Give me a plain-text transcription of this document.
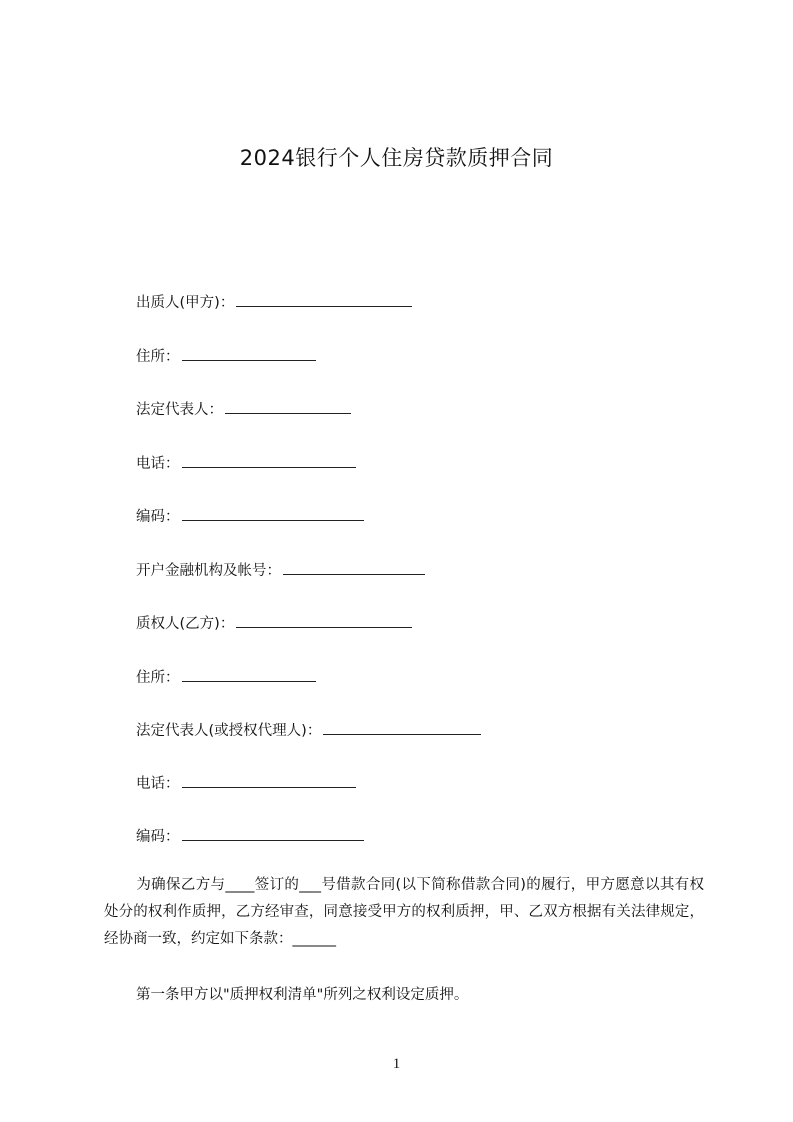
2024银行个人住房贷款质押合同
出质人(甲方)：
住所：
法定代表人：
电话：
编码：
开户金融机构及帐号：
质权人(乙方)：
住所：
法定代表人(或授权代理人)：
电话：
编码：
为确保乙方与____签订的___号借款合同(以下简称借款合同)的履行，甲方愿意以其有权处分的权利作质押，乙方经审查，同意接受甲方的权利质押，甲、乙双方根据有关法律规定，经协商一致，约定如下条款：______
第一条甲方以"质押权利清单"所列之权利设定质押。
1
